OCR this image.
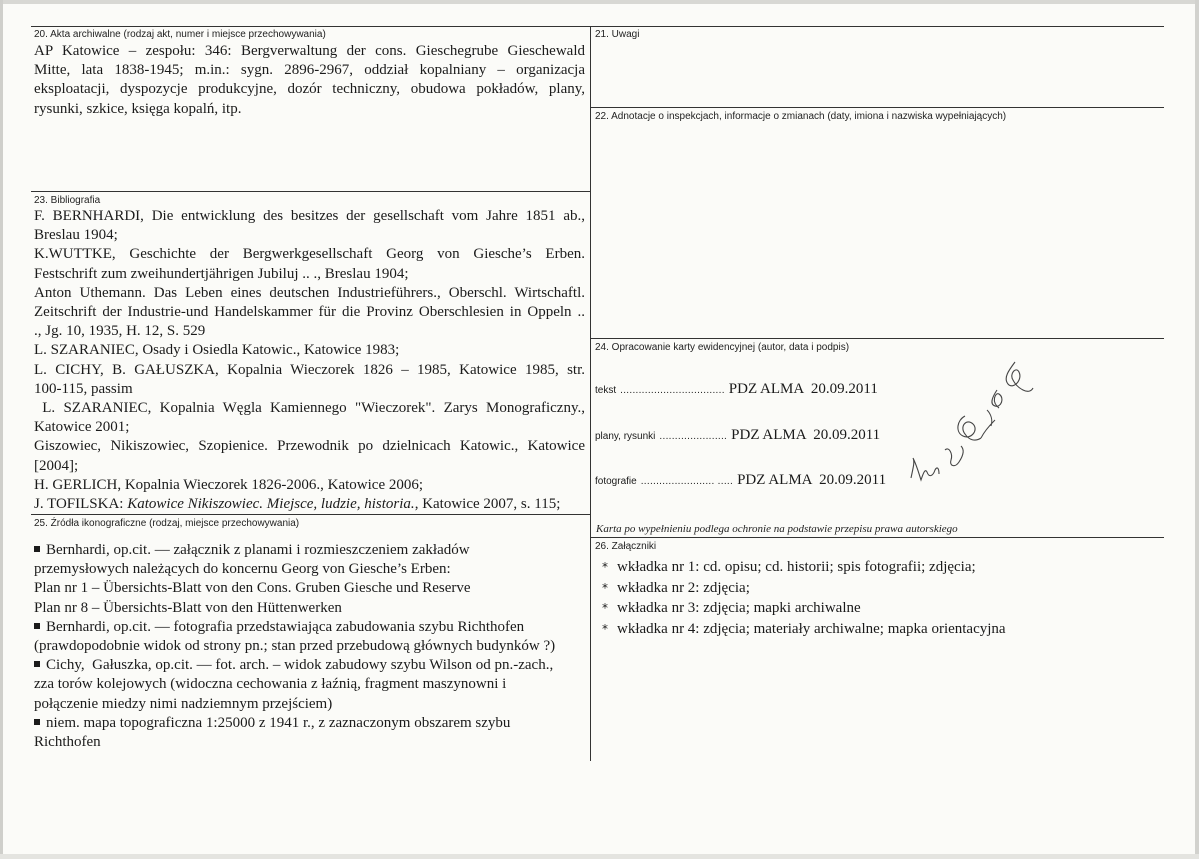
20. Akta archiwalne (rodzaj akt, numer i miejsce przechowywania)
AP Katowice – zespołu: 346: Bergverwaltung der cons. Gieschegrube Gieschewald
Mitte, lata 1838-1945; m.in.: sygn. 2896-2967, oddział kopalniany – organizacja
eksploatacji, dyspozycje produkcyjne, dozór techniczny, obudowa pokładów, plany,
rysunki, szkice, księga kopalń, itp.
21. Uwagi
22. Adnotacje o inspekcjach, informacje o zmianach (daty, imiona i nazwiska wypełniających)
23. Bibliografia
F. BERNHARDI, Die entwicklung des besitzes der gesellschaft vom Jahre 1851 ab.,
Breslau 1904;
K.WUTTKE, Geschichte der Bergwerkgesellschaft Georg von Giesche’s Erben.
Festschrift zum zweihundertjährigen Jubiluj .. ., Breslau 1904;
Anton Uthemann. Das Leben eines deutschen Industrieführers., Oberschl. Wirtschaftl.
Zeitschrift der Industrie-und Handelskammer für die Provinz Oberschlesien in Oppeln ..
., Jg. 10, 1935, H. 12, S. 529
L. SZARANIEC, Osady i Osiedla Katowic., Katowice 1983;
L. CICHY, B. GAŁUSZKA, Kopalnia Wieczorek 1826 – 1985, Katowice 1985, str.
100-115, passim
L. SZARANIEC, Kopalnia Węgla Kamiennego "Wieczorek". Zarys Monograficzny.,
Katowice 2001;
Giszowiec, Nikiszowiec, Szopienice. Przewodnik po dzielnicach Katowic., Katowice
[2004];
H. GERLICH, Kopalnia Wieczorek 1826-2006., Katowice 2006;
J. TOFILSKA: Katowice Nikiszowiec. Miejsce, ludzie, historia., Katowice 2007, s. 115;
24. Opracowanie karty ewidencyjnej (autor, data i podpis)
tekst .................................. PDZ ALMA  20.09.2011
plany, rysunki ...................... PDZ ALMA  20.09.2011
fotografie ........................ ..... PDZ ALMA  20.09.2011
Karta po wypełnieniu podlega ochronie na podstawie przepisu prawa autorskiego
25. Źródła ikonograficzne (rodzaj, miejsce przechowywania)
Bernhardi, op.cit. — załącznik z planami i rozmieszczeniem zakładów
przemysłowych należących do koncernu Georg von Giesche’s Erben:
Plan nr 1 – Übersichts-Blatt von den Cons. Gruben Giesche und Reserve
Plan nr 8 – Übersichts-Blatt von den Hüttenwerken
Bernhardi, op.cit. — fotografia przedstawiająca zabudowania szybu Richthofen
(prawdopodobnie widok od strony pn.; stan przed przebudową głównych budynków ?)
Cichy,  Gałuszka, op.cit. — fot. arch. – widok zabudowy szybu Wilson od pn.-zach.,
zza torów kolejowych (widoczna cechowania z łaźnią, fragment maszynowni i
połączenie miedzy nimi nadziemnym przejściem)
niem. mapa topograficzna 1:25000 z 1941 r., z zaznaczonym obszarem szybu
Richthofen
26. Załączniki
* wkładka nr 1: cd. opisu; cd. historii; spis fotografii; zdjęcia;
* wkładka nr 2: zdjęcia;
* wkładka nr 3: zdjęcia; mapki archiwalne
* wkładka nr 4: zdjęcia; materiały archiwalne; mapka orientacyjna
